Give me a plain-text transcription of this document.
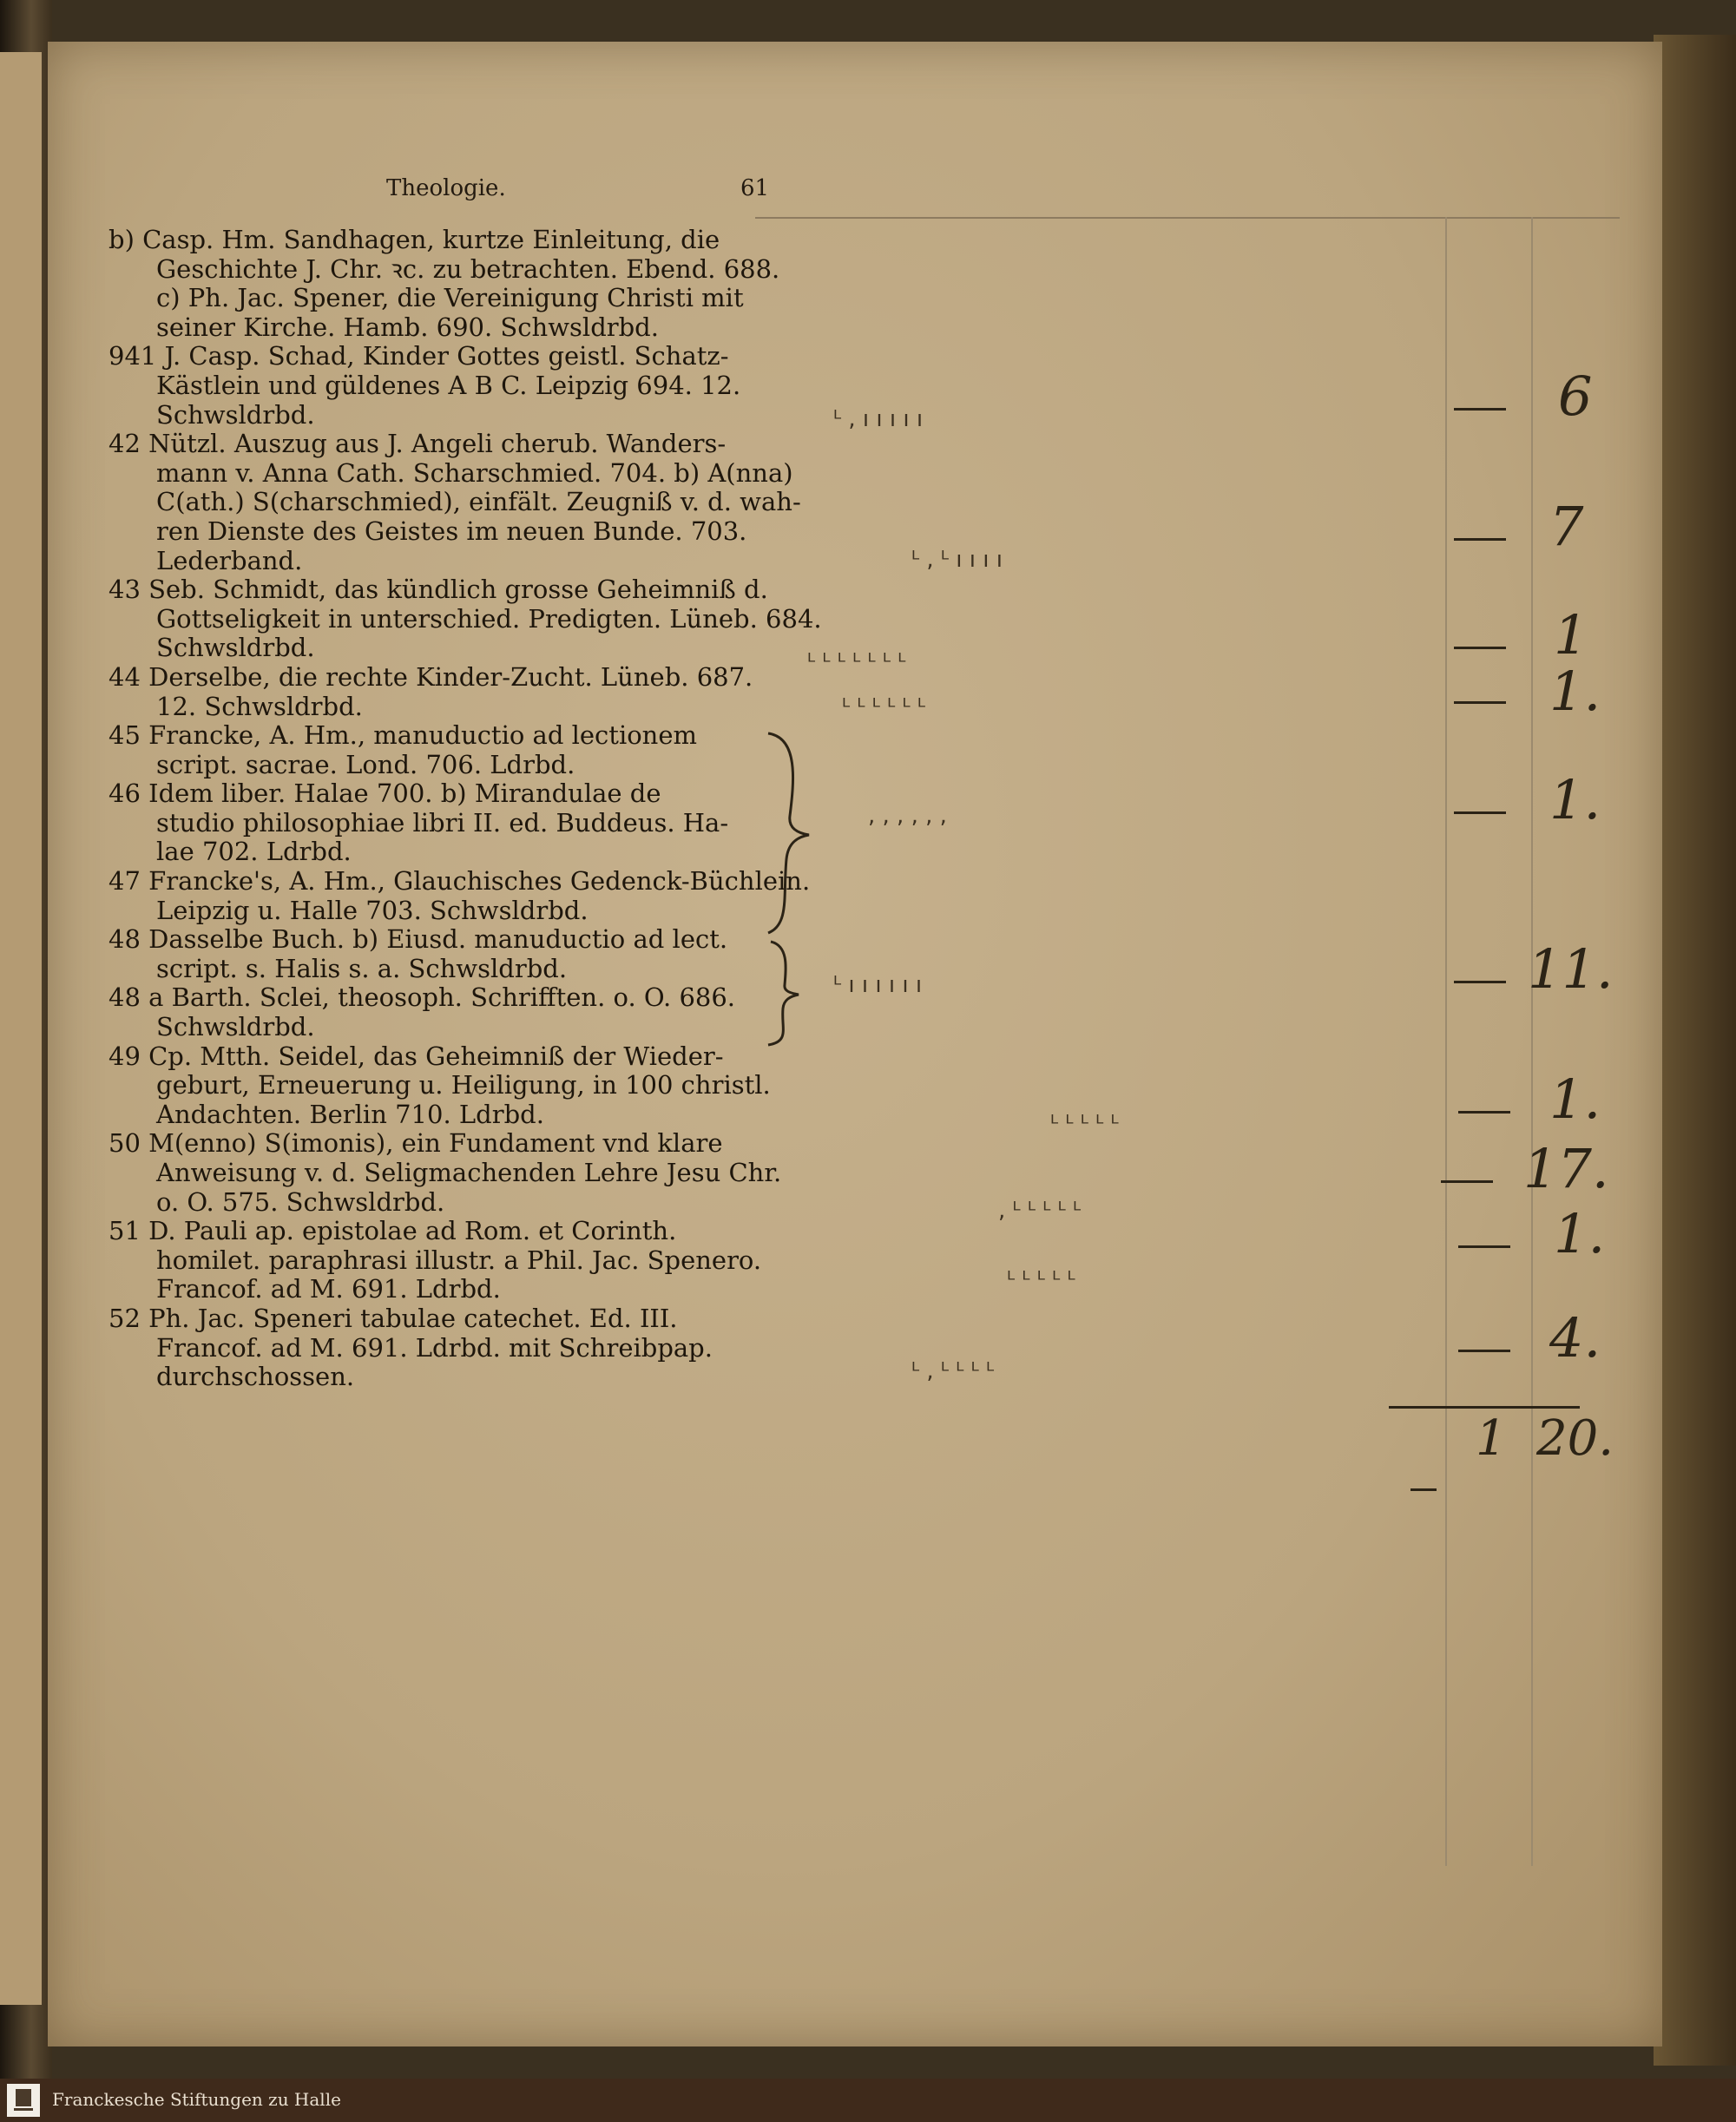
Theologie.	61
b) Casp. Hm. Sandhagen, kurtze Einleitung, die
Geschichte J. Chr. ꝛc. zu betrachten. Ebend. 688.
c) Ph. Jac. Spener, die Vereinigung Christi mit
seiner Kirche. Hamb. 690. Schwsldrbd.
941 J. Casp. Schad, Kinder Gottes geistl. Schatz-
Kästlein und güldenes A B C. Leipzig 694. 12.
Schwsldrbd.
42 Nützl. Auszug aus J. Angeli cherub. Wanders-
mann v. Anna Cath. Scharschmied. 704. b) A(nna)
C(ath.) S(charschmied), einfält. Zeugniß v. d. wah-
ren Dienste des Geistes im neuen Bunde. 703.
Lederband.
43 Seb. Schmidt, das kündlich grosse Geheimniß d.
Gottseligkeit in unterschied. Predigten. Lüneb. 684.
Schwsldrbd.
44 Derselbe, die rechte Kinder-Zucht. Lüneb. 687.
12. Schwsldrbd.
45 Francke, A. Hm., manuductio ad lectionem
script. sacrae. Lond. 706. Ldrbd.
46 Idem liber. Halae 700. b) Mirandulae de
studio philosophiae libri II. ed. Buddeus. Ha-
lae 702. Ldrbd.
47 Francke's, A. Hm., Glauchisches Gedenck-Büchlein.
Leipzig u. Halle 703. Schwsldrbd.
48 Dasselbe Buch. b) Eiusd. manuductio ad lect.
script. s. Halis s. a. Schwsldrbd.
48 a Barth. Sclei, theosoph. Schrifften. o. O. 686.
Schwsldrbd.
49 Cp. Mtth. Seidel, das Geheimniß der Wieder-
geburt, Erneuerung u. Heiligung, in 100 christl.
Andachten. Berlin 710. Ldrbd.
50 M(enno) S(imonis), ein Fundament vnd klare
Anweisung v. d. Seligmachenden Lehre Jesu Chr.
o. O. 575. Schwsldrbd.
51 D. Pauli ap. epistolae ad Rom. et Corinth.
homilet. paraphrasi illustr. a Phil. Jac. Spenero.
Francof. ad M. 691. Ldrbd.
52 Ph. Jac. Speneri tabulae catechet. Ed. III.
Francof. ad M. 691. Ldrbd. mit Schreibpap.
durchschossen.
ᴸ , ı ı ı ı ı
ᴸ , ᴸ ı ı ı ı
ᴸ ᴸ ᴸ ᴸ ᴸ ᴸ ᴸ
ᴸ ᴸ ᴸ ᴸ ᴸ ᴸ
, , , , , ,
ᴸ ı ı ı ı ı ı
ᴸ ᴸ ᴸ ᴸ ᴸ
, ᴸ ᴸ ᴸ ᴸ ᴸ
ᴸ ᴸ ᴸ ᴸ ᴸ
ᴸ , ᴸ ᴸ ᴸ ᴸ
6
7
1
1.
1.
11.
1.
17.
1.
4.
1 20.
Franckesche Stiftungen zu Halle
